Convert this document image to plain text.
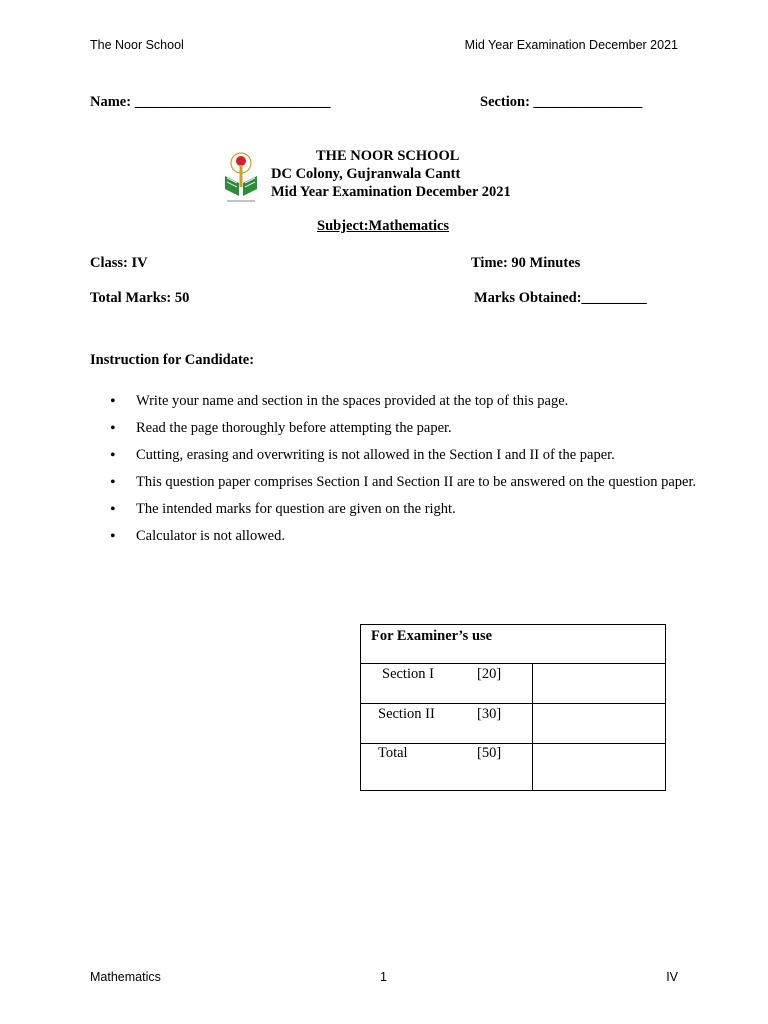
The Noor School	Mid Year Examination December 2021
Name: ___________________________	Section: _______________
THE NOOR SCHOOL
DC Colony, Gujranwala Cantt
Mid Year Examination December 2021
Subject:Mathematics
Class: IV	Time: 90 Minutes
Total Marks: 50	Marks Obtained:_________
Instruction for Candidate:
• Write your name and section in the spaces provided at the top of this page.
• Read the page thoroughly before attempting the paper.
• Cutting, erasing and overwriting is not allowed in the Section I and II of the paper.
• This question paper comprises Section I and Section II are to be answered on the question paper.
• The intended marks for question are given on the right.
• Calculator is not allowed.
For Examiner’s use	

Section I [20]	

Section II [30]	

Total [50]	

Mathematics	1	IV
